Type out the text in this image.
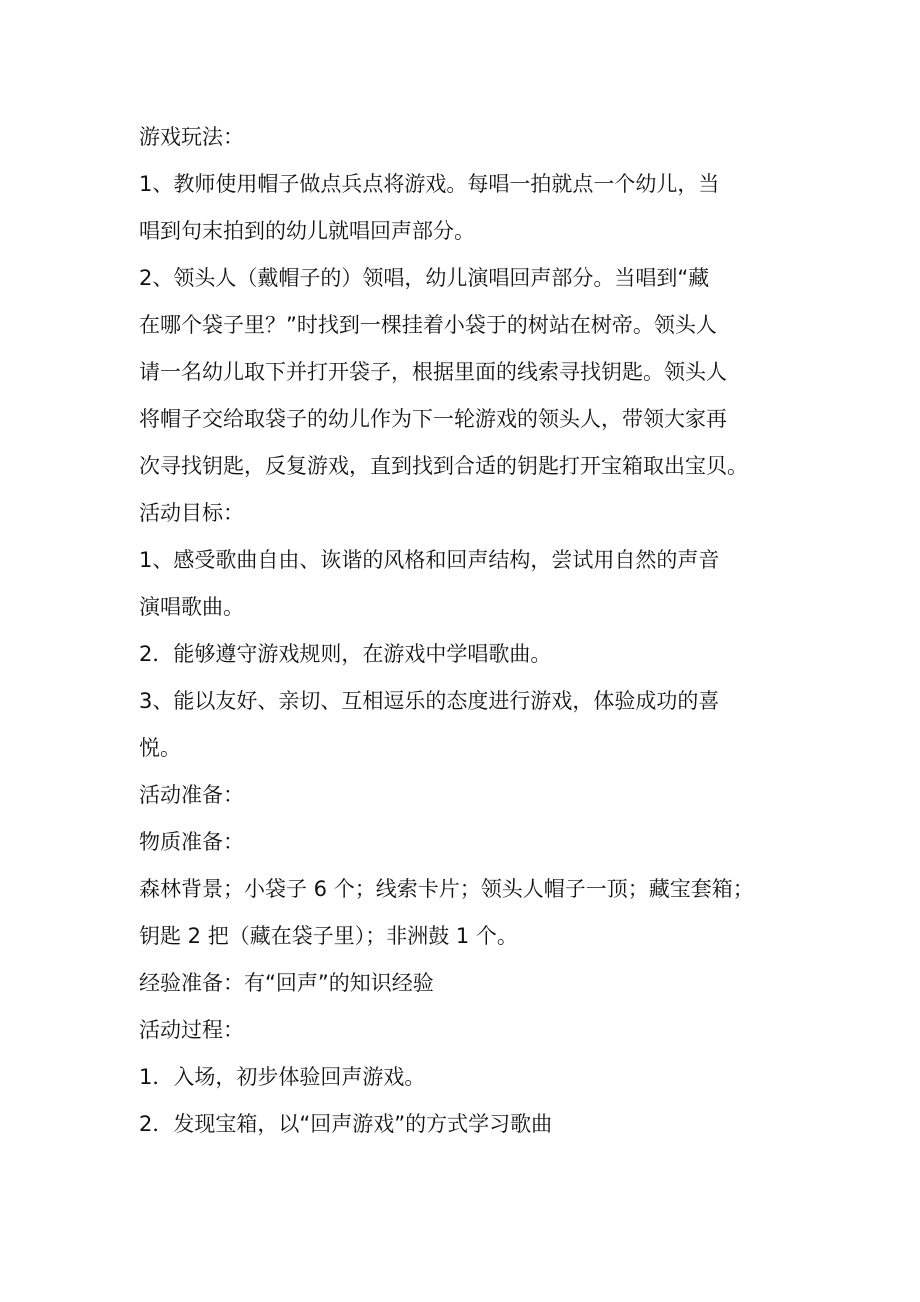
游戏玩法：

1、教师使用帽子做点兵点将游戏。每唱一拍就点一个幼儿，当

唱到句末拍到的幼儿就唱回声部分。

2、领头人（戴帽子的）领唱，幼儿演唱回声部分。当唱到“藏

在哪个袋子里？”时找到一棵挂着小袋于的树站在树帝。领头人

请一名幼儿取下并打开袋子，根据里面的线索寻找钥匙。领头人

将帽子交给取袋子的幼儿作为下一轮游戏的领头人，带领大家再

次寻找钥匙，反复游戏，直到找到合适的钥匙打开宝箱取出宝贝。

活动目标：

1、感受歌曲自由、诙谐的风格和回声结构，尝试用自然的声音

演唱歌曲。

2．能够遵守游戏规则，在游戏中学唱歌曲。

3、能以友好、亲切、互相逗乐的态度进行游戏，体验成功的喜

悦。

活动准备：

物质准备：

森林背景；小袋子 6 个；线索卡片；领头人帽子一顶；藏宝套箱；

钥匙 2 把（藏在袋子里）；非洲鼓 1 个。

经验准备：有“回声”的知识经验

活动过程：

1．入场，初步体验回声游戏。

2．发现宝箱，以“回声游戏”的方式学习歌曲
